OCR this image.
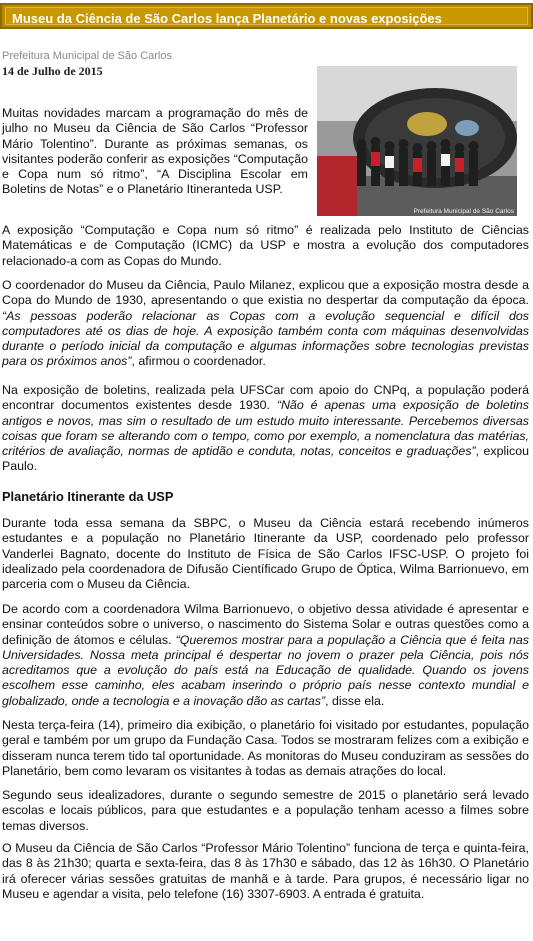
Museu da Ciência de São Carlos lança Planetário e novas exposições
Prefeitura Municipal de São Carlos
14 de Julho de 2015
Prefeitura Municipal de São Carlos

Muitas novidades marcam a programação do mês de julho no Museu da Ciência de São Carlos “Professor Mário Tolentino”. Durante as próximas semanas, os visitantes poderão conferir as exposições “Computação e Copa num só ritmo”, “A Disciplina Escolar em Boletins de Notas” e o Planetário Itineranteda USP.

A exposição “Computação e Copa num só ritmo” é realizada pelo Instituto de Ciências Matemáticas e de Computação (ICMC) da USP e mostra a evolução dos computadores relacionado-a com as Copas do Mundo.

O coordenador do Museu da Ciência, Paulo Milanez, explicou que a exposição mostra desde a Copa do Mundo de 1930, apresentando o que existia no despertar da computação da época. “As pessoas poderão relacionar as Copas com a evolução sequencial e difícil dos computadores até os dias de hoje. A exposição também conta com máquinas desenvolvidas durante o período inicial da computação e algumas informações sobre tecnologias previstas para os próximos anos”, afirmou o coordenador.

Na exposição de boletins, realizada pela UFSCar com apoio do CNPq, a população poderá encontrar documentos existentes desde 1930. “Não é apenas uma exposição de boletins antigos e novos, mas sim o resultado de um estudo muito interessante. Percebemos diversas coisas que foram se alterando com o tempo, como por exemplo, a nomenclatura das matérias, critérios de avaliação, normas de aptidão e conduta, notas, conceitos e graduações”, explicou Paulo.

Planetário Itinerante da USP

Durante toda essa semana da SBPC, o Museu da Ciência estará recebendo inúmeros estudantes e a população no Planetário Itinerante da USP, coordenado pelo professor Vanderlei Bagnato, docente do Instituto de Física de São Carlos IFSC-USP. O projeto foi idealizado pela coordenadora de Difusão Científicado Grupo de Óptica, Wilma Barrionuevo, em parceria com o Museu da Ciência.

De acordo com a coordenadora Wilma Barrionuevo, o objetivo dessa atividade é apresentar e ensinar conteúdos sobre o universo, o nascimento do Sistema Solar e outras questões como a definição de átomos e células. “Queremos mostrar para a população a Ciência que é feita nas Universidades. Nossa meta principal é despertar no jovem o prazer pela Ciência, pois nós acreditamos que a evolução do país está na Educação de qualidade. Quando os jovens escolhem esse caminho, eles acabam inserindo o próprio país nesse contexto mundial e globalizado, onde a tecnologia e a inovação dão as cartas”, disse ela.

Nesta terça-feira (14), primeiro dia exibição, o planetário foi visitado por estudantes, população geral e também por um grupo da Fundação Casa. Todos se mostraram felizes com a exibição e disseram nunca terem tido tal oportunidade. As monitoras do Museu conduziram as sessões do Planetário, bem como levaram os visitantes à todas as demais atrações do local.

Segundo seus idealizadores, durante o segundo semestre de 2015 o planetário será levado escolas e locais públicos, para que estudantes e a população tenham acesso a filmes sobre temas diversos.

O Museu da Ciência de São Carlos “Professor Mário Tolentino” funciona de terça e quinta-feira, das 8 às 21h30; quarta e sexta-feira, das 8 às 17h30 e sábado, das 12 às 16h30. O Planetário irá oferecer várias sessões gratuitas de manhã e à tarde. Para grupos, é necessário ligar no Museu e agendar a visita, pelo telefone (16) 3307-6903. A entrada é gratuita.
